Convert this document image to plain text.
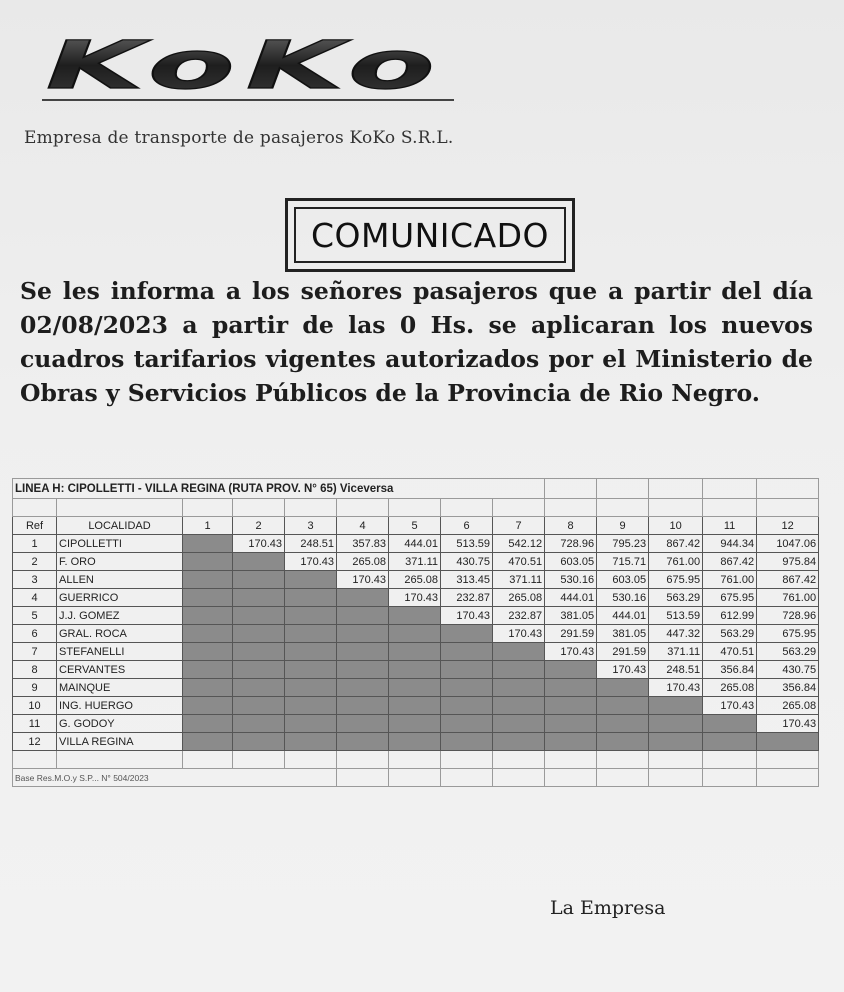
KoKo
Empresa de transporte de pasajeros KoKo S.R.L.
COMUNICADO
Se les informa a los señores pasajeros que a partir del día 02/08/2023 a partir de las 0 Hs. se aplicaran los nuevos cuadros tarifarios vigentes autorizados por el Ministerio de Obras y Servicios Públicos de la Provincia de Rio Negro.
LINEA H: CIPOLLETTI - VILLA REGINA (RUTA PROV. N° 65) Viceversa													

Ref	LOCALIDAD	1	2	3	4	5	6	7	8	9	10	11	12
1	CIPOLLETTI		170.43	248.51	357.83	444.01	513.59	542.12	728.96	795.23	867.42	944.34	1047.06
2	F. ORO			170.43	265.08	371.11	430.75	470.51	603.05	715.71	761.00	867.42	975.84
3	ALLEN				170.43	265.08	313.45	371.11	530.16	603.05	675.95	761.00	867.42
4	GUERRICO					170.43	232.87	265.08	444.01	530.16	563.29	675.95	761.00
5	J.J. GOMEZ						170.43	232.87	381.05	444.01	513.59	612.99	728.96
6	GRAL. ROCA							170.43	291.59	381.05	447.32	563.29	675.95
7	STEFANELLI								170.43	291.59	371.11	470.51	563.29
8	CERVANTES									170.43	248.51	356.84	430.75
9	MAINQUE										170.43	265.08	356.84
10	ING. HUERGO											170.43	265.08
11	G. GODOY												170.43
12	VILLA REGINA												

Base Res.M.O.y S.P... N° 504/2023													
La Empresa
